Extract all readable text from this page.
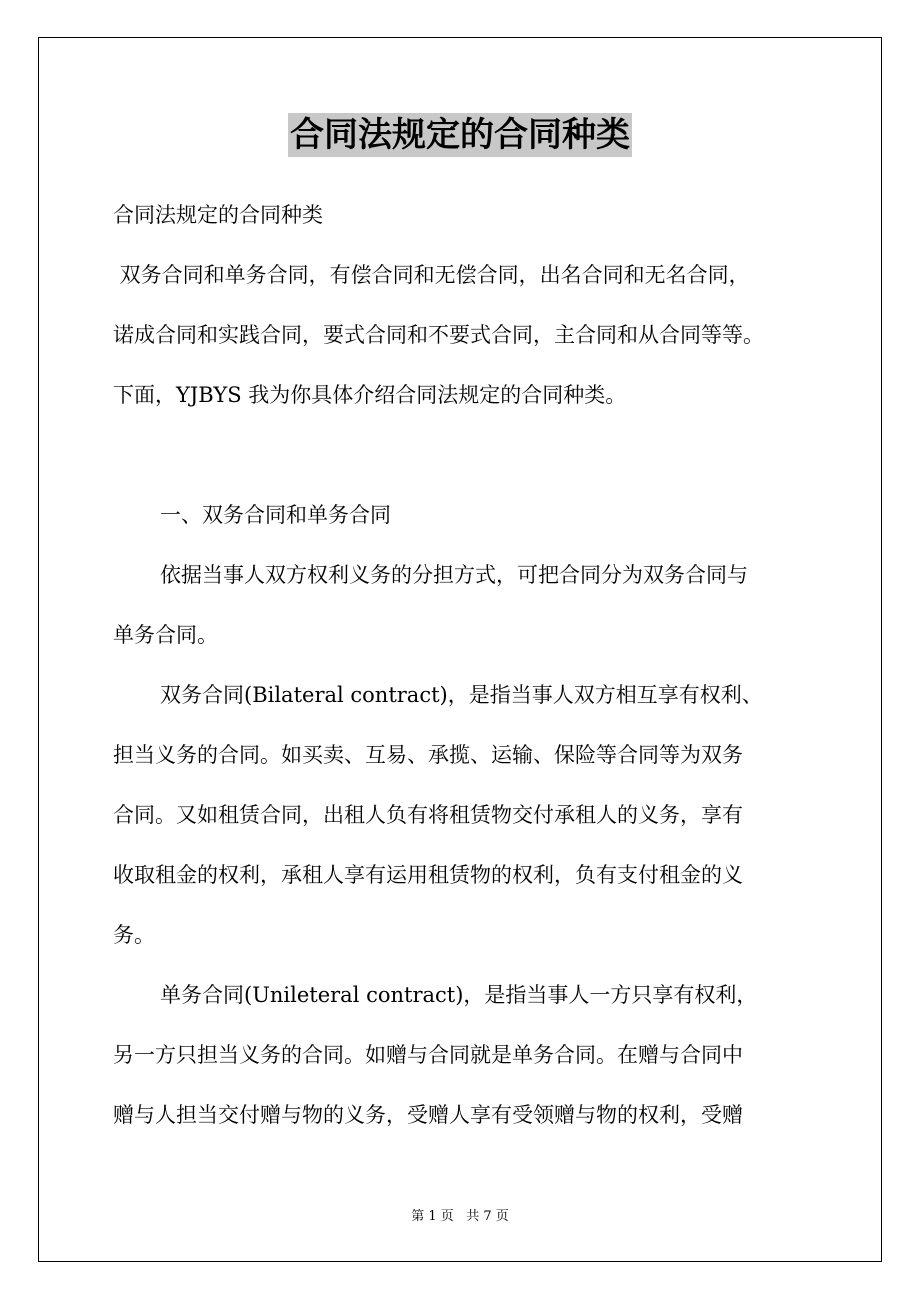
合同法规定的合同种类
合同法规定的合同种类
双务合同和单务合同，有偿合同和无偿合同，出名合同和无名合同，
诺成合同和实践合同，要式合同和不要式合同，主合同和从合同等等。
下面，YJBYS 我为你具体介绍合同法规定的合同种类。
一、双务合同和单务合同
依据当事人双方权利义务的分担方式，可把合同分为双务合同与
单务合同。
双务合同(Bilateral contract)，是指当事人双方相互享有权利、
担当义务的合同。如买卖、互易、承揽、运输、保险等合同等为双务
合同。又如租赁合同，出租人负有将租赁物交付承租人的义务，享有
收取租金的权利，承租人享有运用租赁物的权利，负有支付租金的义
务。
单务合同(Unileteral contract)，是指当事人一方只享有权利，
另一方只担当义务的合同。如赠与合同就是单务合同。在赠与合同中
赠与人担当交付赠与物的义务，受赠人享有受领赠与物的权利，受赠
第 1 页   共 7 页
